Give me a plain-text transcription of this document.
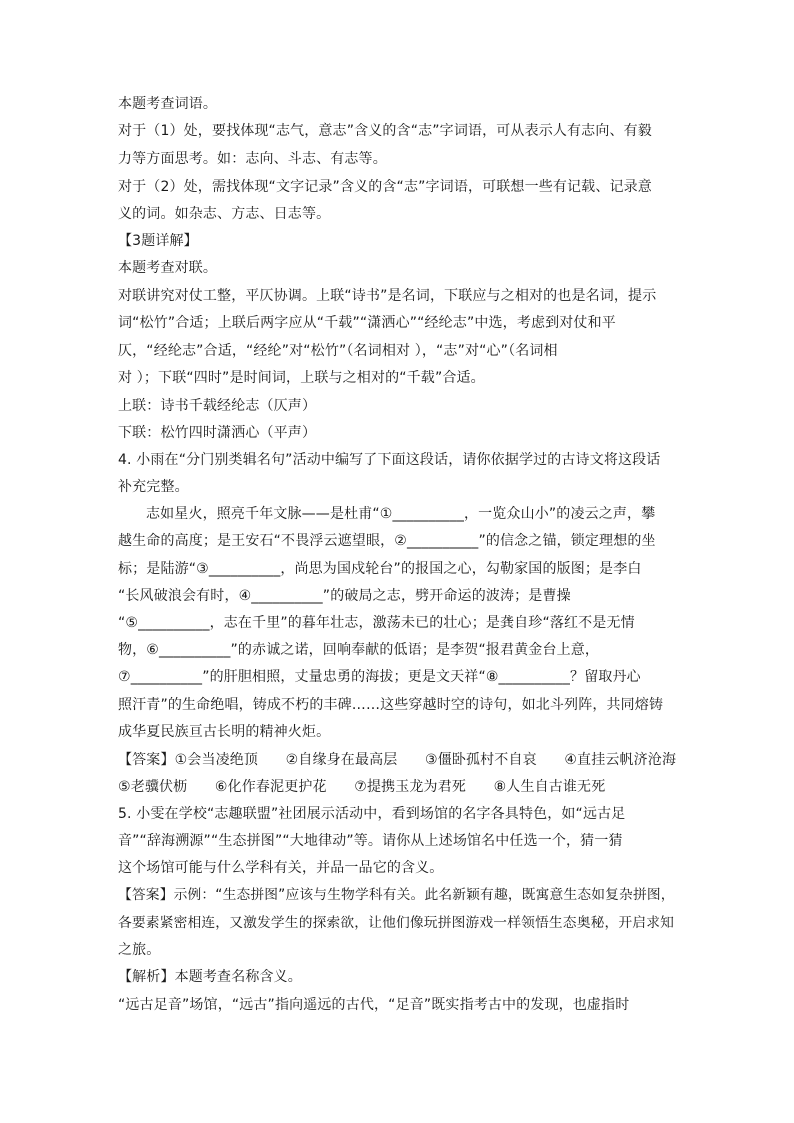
本题考查词语。
对于（1）处，要找体现“志气，意志”含义的含“志”字词语，可从表示人有志向、有毅
力等方面思考。如：志向、斗志、有志等。
对于（2）处，需找体现“文字记录”含义的含“志”字词语，可联想一些有记载、记录意
义的词。如杂志、方志、日志等。
【3题详解】
本题考查对联。
对联讲究对仗工整，平仄协调。上联“诗书”是名词，下联应与之相对的也是名词，提示
词“松竹”合适；上联后两字应从“千载”“潇洒心”“经纶志”中选，考虑到对仗和平
仄，“经纶志”合适，“经纶”对“松竹”（名词相对 ），“志”对“心”（名词相
对 ）；下联“四时”是时间词，上联与之相对的“千载”合适。
上联：诗书千载经纶志（仄声）
下联：松竹四时潇洒心（平声）
4. 小雨在“分门别类辑名句”活动中编写了下面这段话，请你依据学过的古诗文将这段话
补充完整。
志如星火，照亮千年文脉——是杜甫“①__________，一览众山小”的凌云之声，攀
越生命的高度；是王安石“不畏浮云遮望眼，②__________”的信念之锚，锁定理想的坐
标；是陆游“③__________，尚思为国戍轮台”的报国之心，勾勒家国的版图；是李白
“长风破浪会有时，④__________”的破局之志，劈开命运的波涛；是曹操
“⑤__________，志在千里”的暮年壮志，激荡未已的壮心；是龚自珍“落红不是无情
物，⑥__________”的赤诚之诺，回响奉献的低语；是李贺“报君黄金台上意，
⑦__________”的肝胆相照，丈量忠勇的海拔；更是文天祥“⑧__________？留取丹心
照汗青”的生命绝唱，铸成不朽的丰碑……这些穿越时空的诗句，如北斗列阵，共同熔铸
成华夏民族亘古长明的精神火炬。
【答案】①会当凌绝顶      ②自缘身在最高层      ③僵卧孤村不自哀      ④直挂云帆济沧海
⑤老骥伏枥      ⑥化作春泥更护花      ⑦提携玉龙为君死      ⑧人生自古谁无死
5. 小雯在学校“志趣联盟”社团展示活动中，看到场馆的名字各具特色，如“远古足
音”“辞海溯源”“生态拼图”“大地律动”等。请你从上述场馆名中任选一个，猜一猜
这个场馆可能与什么学科有关，并品一品它的含义。
【答案】示例：“生态拼图”应该与生物学科有关。此名新颖有趣，既寓意生态如复杂拼图，
各要素紧密相连，又激发学生的探索欲，让他们像玩拼图游戏一样领悟生态奥秘，开启求知
之旅。
【解析】本题考查名称含义。
“远古足音”场馆，“远古”指向遥远的古代，“足音”既实指考古中的发现，也虚指时
